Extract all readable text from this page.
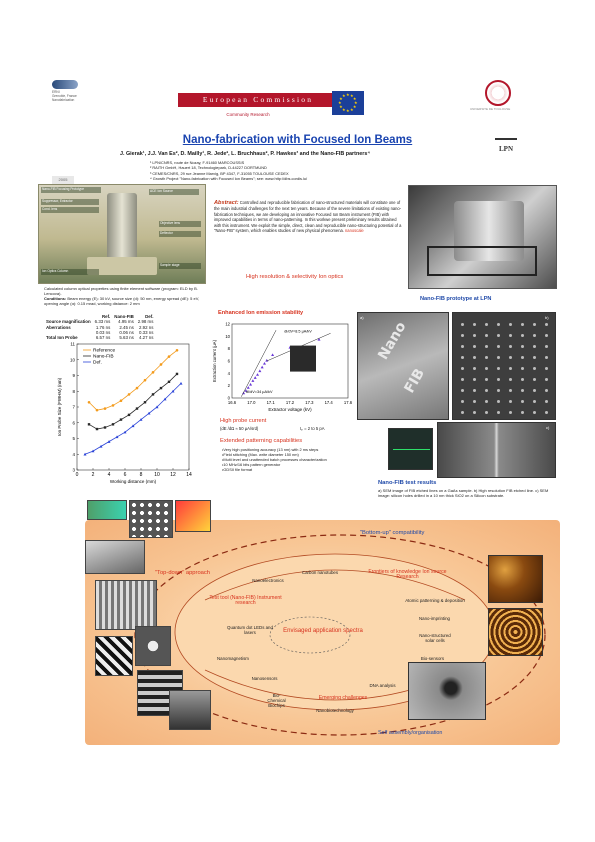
ERNI
Grenoble, France
Nanofabrication	European Commission
Community Research
★
★
★
★
★
★
★
★
★ ★ ★
★
UNIVERSITE DE TOULOUSE
LPN
Nano-fabrication with Focused Ion Beams
J. Gierak¹, J.J. Van Es², D. Mailly¹, R. Jede², L. Bruchhaus², P. Hawkes³ and the Nano-FIB partners⁴
¹ LPN/CNRS, route de Nozay, F-91460 MARCOUSSIS
² RAITH GmbH, Hauert 18, Technologiepark, D-44227 DORTMUND
³ CEMES/CNRS, 29 rue Jeanne Marvig, BP 4347, F-31055 TOULOUSE CEDEX
⁴ Growth Project "Nano-fabrication with Focused Ion Beams"; see: www.http://dbs.cordis.lu/
2005
Nano-FIB Focusing Prototype	ACE Ion Source
Suppressor, Extractor
Cond. lens
Objective lens
Deflector
Sample stage
Ion Optics Column
Abstract: Controlled and reproducible fabrication of nano-structured materials will constitute one of the main industrial challenges for the next ten years. Because of the severe limitations of existing nano-fabrication techniques, we are developing an innovative Focused Ion Beam instrument (FIB) with improved capabilities in terms of nano-patterning. In this workwe present preliminary results obtained with this instrument. We exploit the simple, direct, clean and reproducible nano-structuring potential of a "Nano-FIB" system, which enables studies of new physical phenomena. nanoscale
High resolution & selectivity Ion optics
Nano-FIB prototype at LPN
Calculated column optical properties using finite element software (program: ELD by B. Lencova).
Conditions: Beam energy (E): 30 kV, source size (d): 50 nm, energy spread (dE): 5 eV, opening angle (α): 0.15 mrad, working distance: 2 mm
	Ref.	Nano-FIB	Def.
Source magnification	6.33 ms	4.95 ms	2.98 ms
Aberrations	1.76 ns	2.45 ns	2.92 ns
	0.03 ns	0.06 ns	0.33 ns
Total Ion Probe	6.57 ns	5.63 ns	4.27 ns
0	2	4	6	8 10 12 14
3
4
5
6
7
8
9
10
11
Working distance (mm)
Ion Probe Size (FWHM) (nm)
Reference
Nano-FIB
Def.
Enhanced Ion emission stability
16.6	17.0	17.1	17.2	17.3	17.4	17.6
0
2
4
6
8
10
12
Extractor voltage (kV)
Extraction current (µA)
dI/dV=8.5 µA/kV
dI/dV=34 µA/kV
High probe current
(dE /dΩ ≈ 50 µA/srd)	Iₚ = 2 to 5 pA
Extended patterning capabilities
• Very high positioning accuracy (13 nm) with 2 ms steps
• Field stitching (Max. write diameter 150 nm)
• Multi level and unattended batch processes characterization
• 10 MHz/16 bits pattern generator
• GDSII file format
Nano
FIB
a)	b)
c)
Nano-FIB test results
a) SEM image of FIB etched lines on a GaAs sample. b) High resolution FIB etched line. c) SEM image: silicon holes drilled in a 10 nm thick SiO2 on a Silicon substrate.
"Top-down" approach
"Bottom-up" compatibility
Self assembly/organisation
Nanoelectronics
Carbon nanotubes	Frontiers of knowledge Ion source Research
Test tool (Nano-FIB) Instrument research
Quantum dot LEDs and lasers
Atomic patterning & deposition
Nano-imprinting
Envisaged application spectra
Nanomagnetism
Nano-structured solar cells
Bio-sensors
Nanosensors
Bio-Chemical Biochips
DNA analysis
Emerging challenges
Nanobiotechnology
